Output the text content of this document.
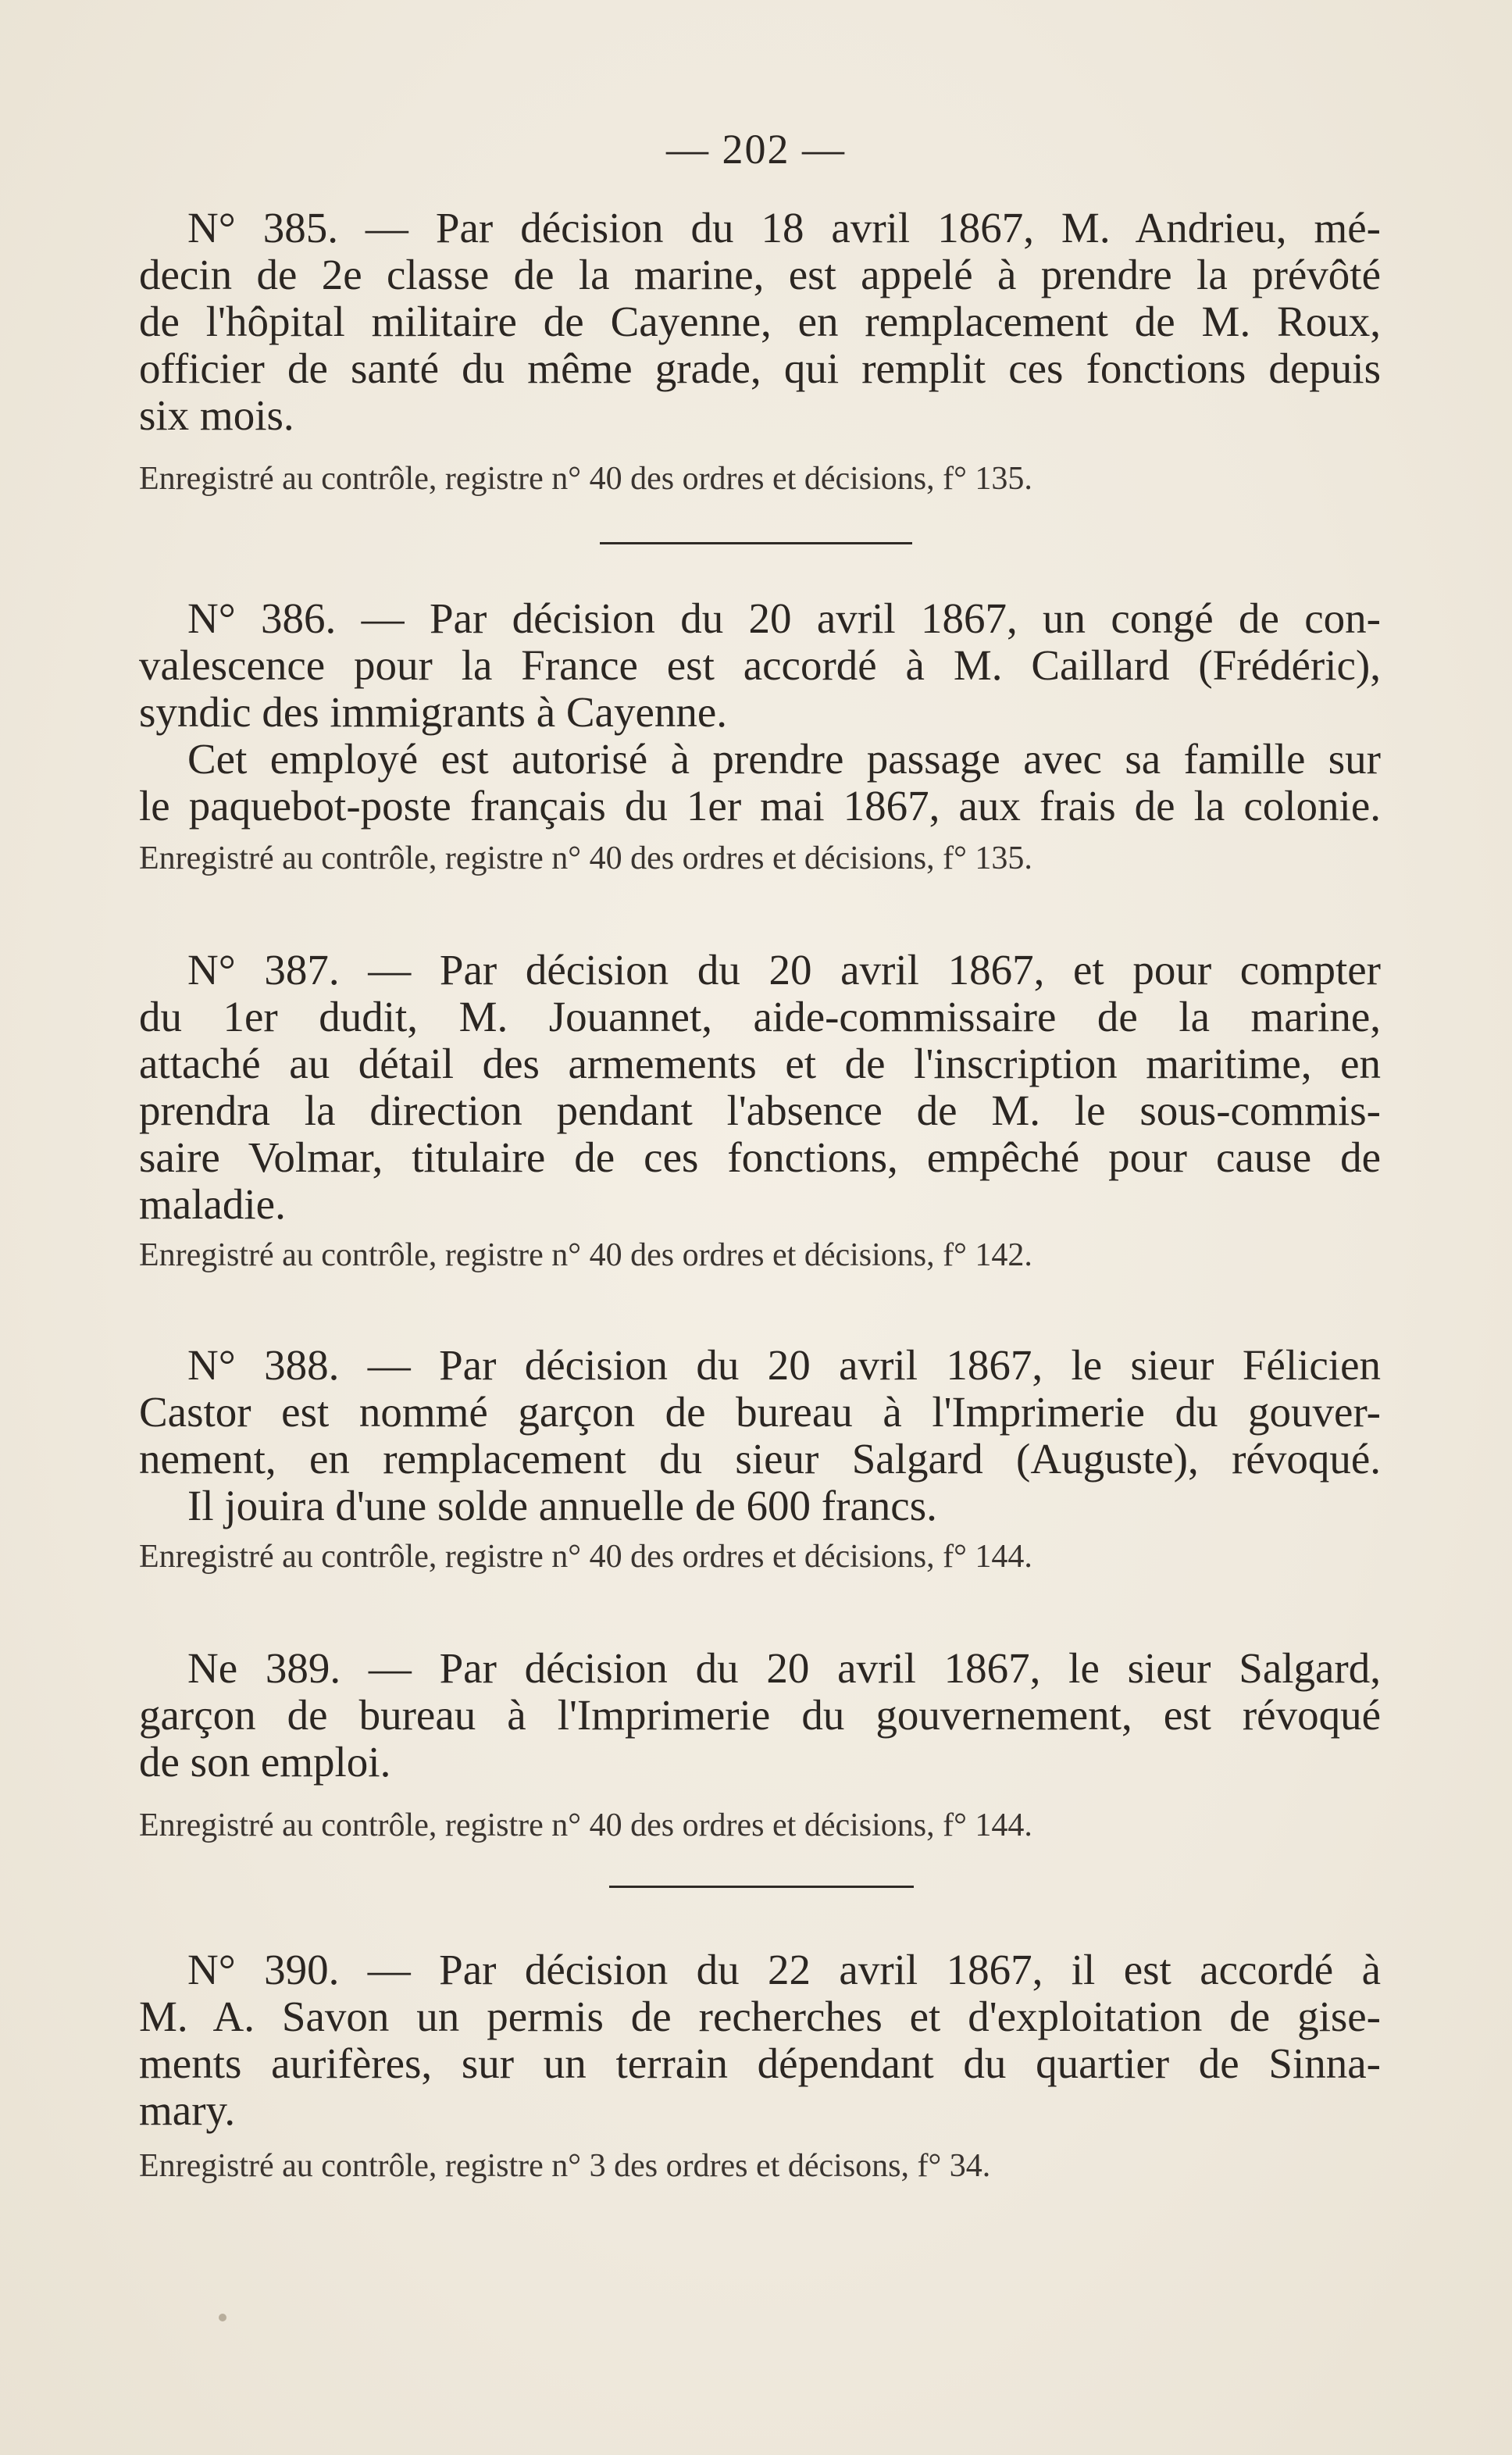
— 202 —
N° 385. — Par décision du 18 avril 1867, M. Andrieu, mé-
decin de 2e classe de la marine, est appelé à prendre la prévôté
de l'hôpital militaire de Cayenne, en remplacement de M. Roux,
officier de santé du même grade, qui remplit ces fonctions depuis
six mois.
Enregistré au contrôle, registre n° 40 des ordres et décisions, f° 135.
N° 386. — Par décision du 20 avril 1867, un congé de con-
valescence pour la France est accordé à M. Caillard (Frédéric),
syndic des immigrants à Cayenne.
Cet employé est autorisé à prendre passage avec sa famille sur
le paquebot-poste français du 1er mai 1867, aux frais de la colonie.
Enregistré au contrôle, registre n° 40 des ordres et décisions, f° 135.
N° 387. — Par décision du 20 avril 1867, et pour compter
du 1er dudit, M. Jouannet, aide-commissaire de la marine,
attaché au détail des armements et de l'inscription maritime, en
prendra la direction pendant l'absence de M. le sous-commis-
saire Volmar, titulaire de ces fonctions, empêché pour cause de
maladie.
Enregistré au contrôle, registre n° 40 des ordres et décisions, f° 142.
N° 388. — Par décision du 20 avril 1867, le sieur Félicien
Castor est nommé garçon de bureau à l'Imprimerie du gouver-
nement, en remplacement du sieur Salgard (Auguste), révoqué.
Il jouira d'une solde annuelle de 600 francs.
Enregistré au contrôle, registre n° 40 des ordres et décisions, f° 144.
Ne 389. — Par décision du 20 avril 1867, le sieur Salgard,
garçon de bureau à l'Imprimerie du gouvernement, est révoqué
de son emploi.
Enregistré au contrôle, registre n° 40 des ordres et décisions, f° 144.
N° 390. — Par décision du 22 avril 1867, il est accordé à
M. A. Savon un permis de recherches et d'exploitation de gise-
ments aurifères, sur un terrain dépendant du quartier de Sinna-
mary.
Enregistré au contrôle, registre n° 3 des ordres et décisons, f° 34.
